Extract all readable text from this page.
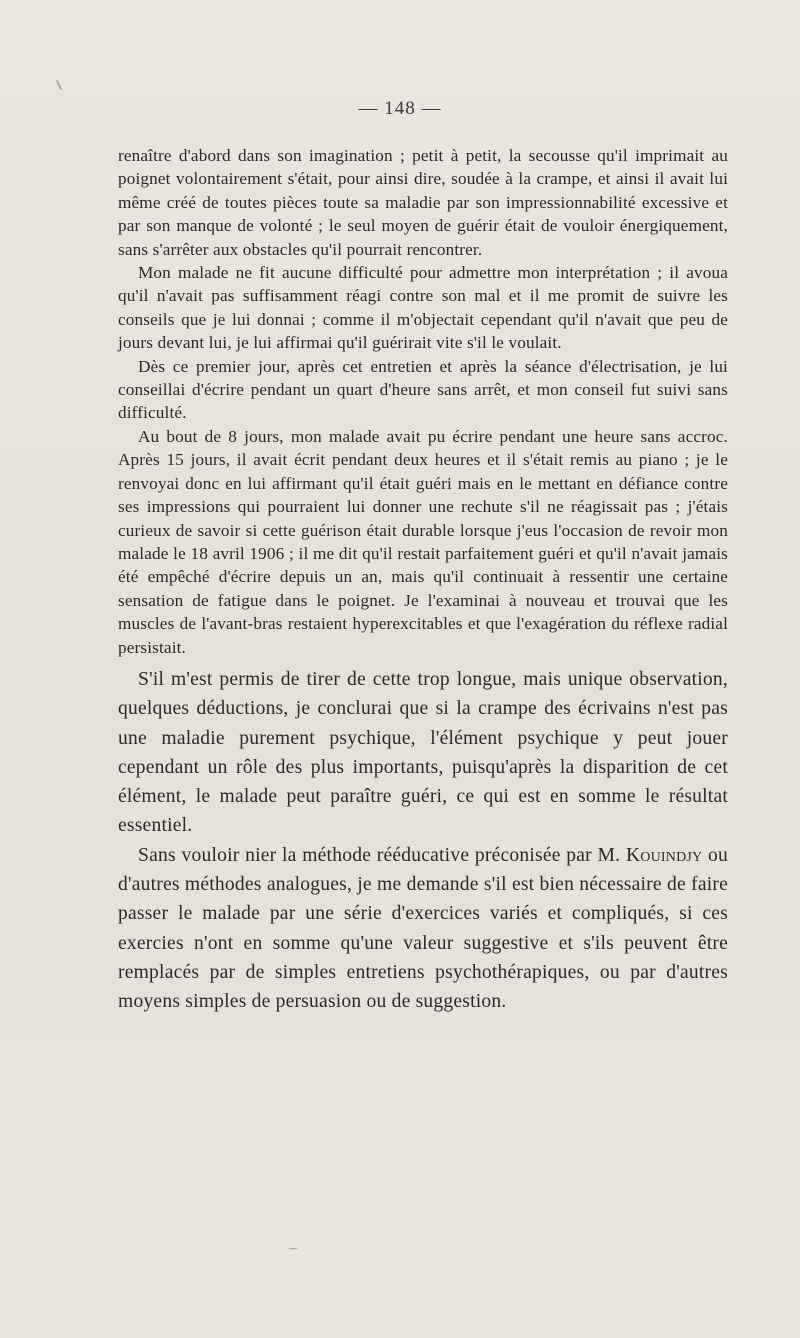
— 148 —

renaître d'abord dans son imagination ; petit à petit, la secousse qu'il imprimait au poignet volontairement s'était, pour ainsi dire, soudée à la crampe, et ainsi il avait lui même créé de toutes pièces toute sa maladie par son impressionnabilité excessive et par son manque de volonté ; le seul moyen de guérir était de vouloir énergiquement, sans s'arrêter aux obstacles qu'il pourrait rencontrer.

Mon malade ne fit aucune difficulté pour admettre mon interprétation ; il avoua qu'il n'avait pas suffisamment réagi contre son mal et il me promit de suivre les conseils que je lui donnai ; comme il m'objectait cependant qu'il n'avait que peu de jours devant lui, je lui affirmai qu'il guérirait vite s'il le voulait.

Dès ce premier jour, après cet entretien et après la séance d'électrisation, je lui conseillai d'écrire pendant un quart d'heure sans arrêt, et mon conseil fut suivi sans difficulté.

Au bout de 8 jours, mon malade avait pu écrire pendant une heure sans accroc. Après 15 jours, il avait écrit pendant deux heures et il s'était remis au piano ; je le renvoyai donc en lui affirmant qu'il était guéri mais en le mettant en défiance contre ses impressions qui pourraient lui donner une rechute s'il ne réagissait pas ; j'étais curieux de savoir si cette guérison était durable lorsque j'eus l'occasion de revoir mon malade le 18 avril 1906 ; il me dit qu'il restait parfaitement guéri et qu'il n'avait jamais été empêché d'écrire depuis un an, mais qu'il continuait à ressentir une certaine sensation de fatigue dans le poignet. Je l'examinai à nouveau et trouvai que les muscles de l'avant-bras restaient hyperexcitables et que l'exagération du réflexe radial persistait.

S'il m'est permis de tirer de cette trop longue, mais unique observation, quelques déductions, je conclurai que si la crampe des écrivains n'est pas une maladie purement psychique, l'élément psychique y peut jouer cependant un rôle des plus importants, puisqu'après la disparition de cet élément, le malade peut paraître guéri, ce qui est en somme le résultat essentiel.

Sans vouloir nier la méthode rééducative préconisée par M. Kouindjy ou d'autres méthodes analogues, je me demande s'il est bien nécessaire de faire passer le malade par une série d'exercices variés et compliqués, si ces exercies n'ont en somme qu'une valeur suggestive et s'ils peuvent être remplacés par de simples entretiens psychothérapiques, ou par d'autres moyens simples de persuasion ou de suggestion.
